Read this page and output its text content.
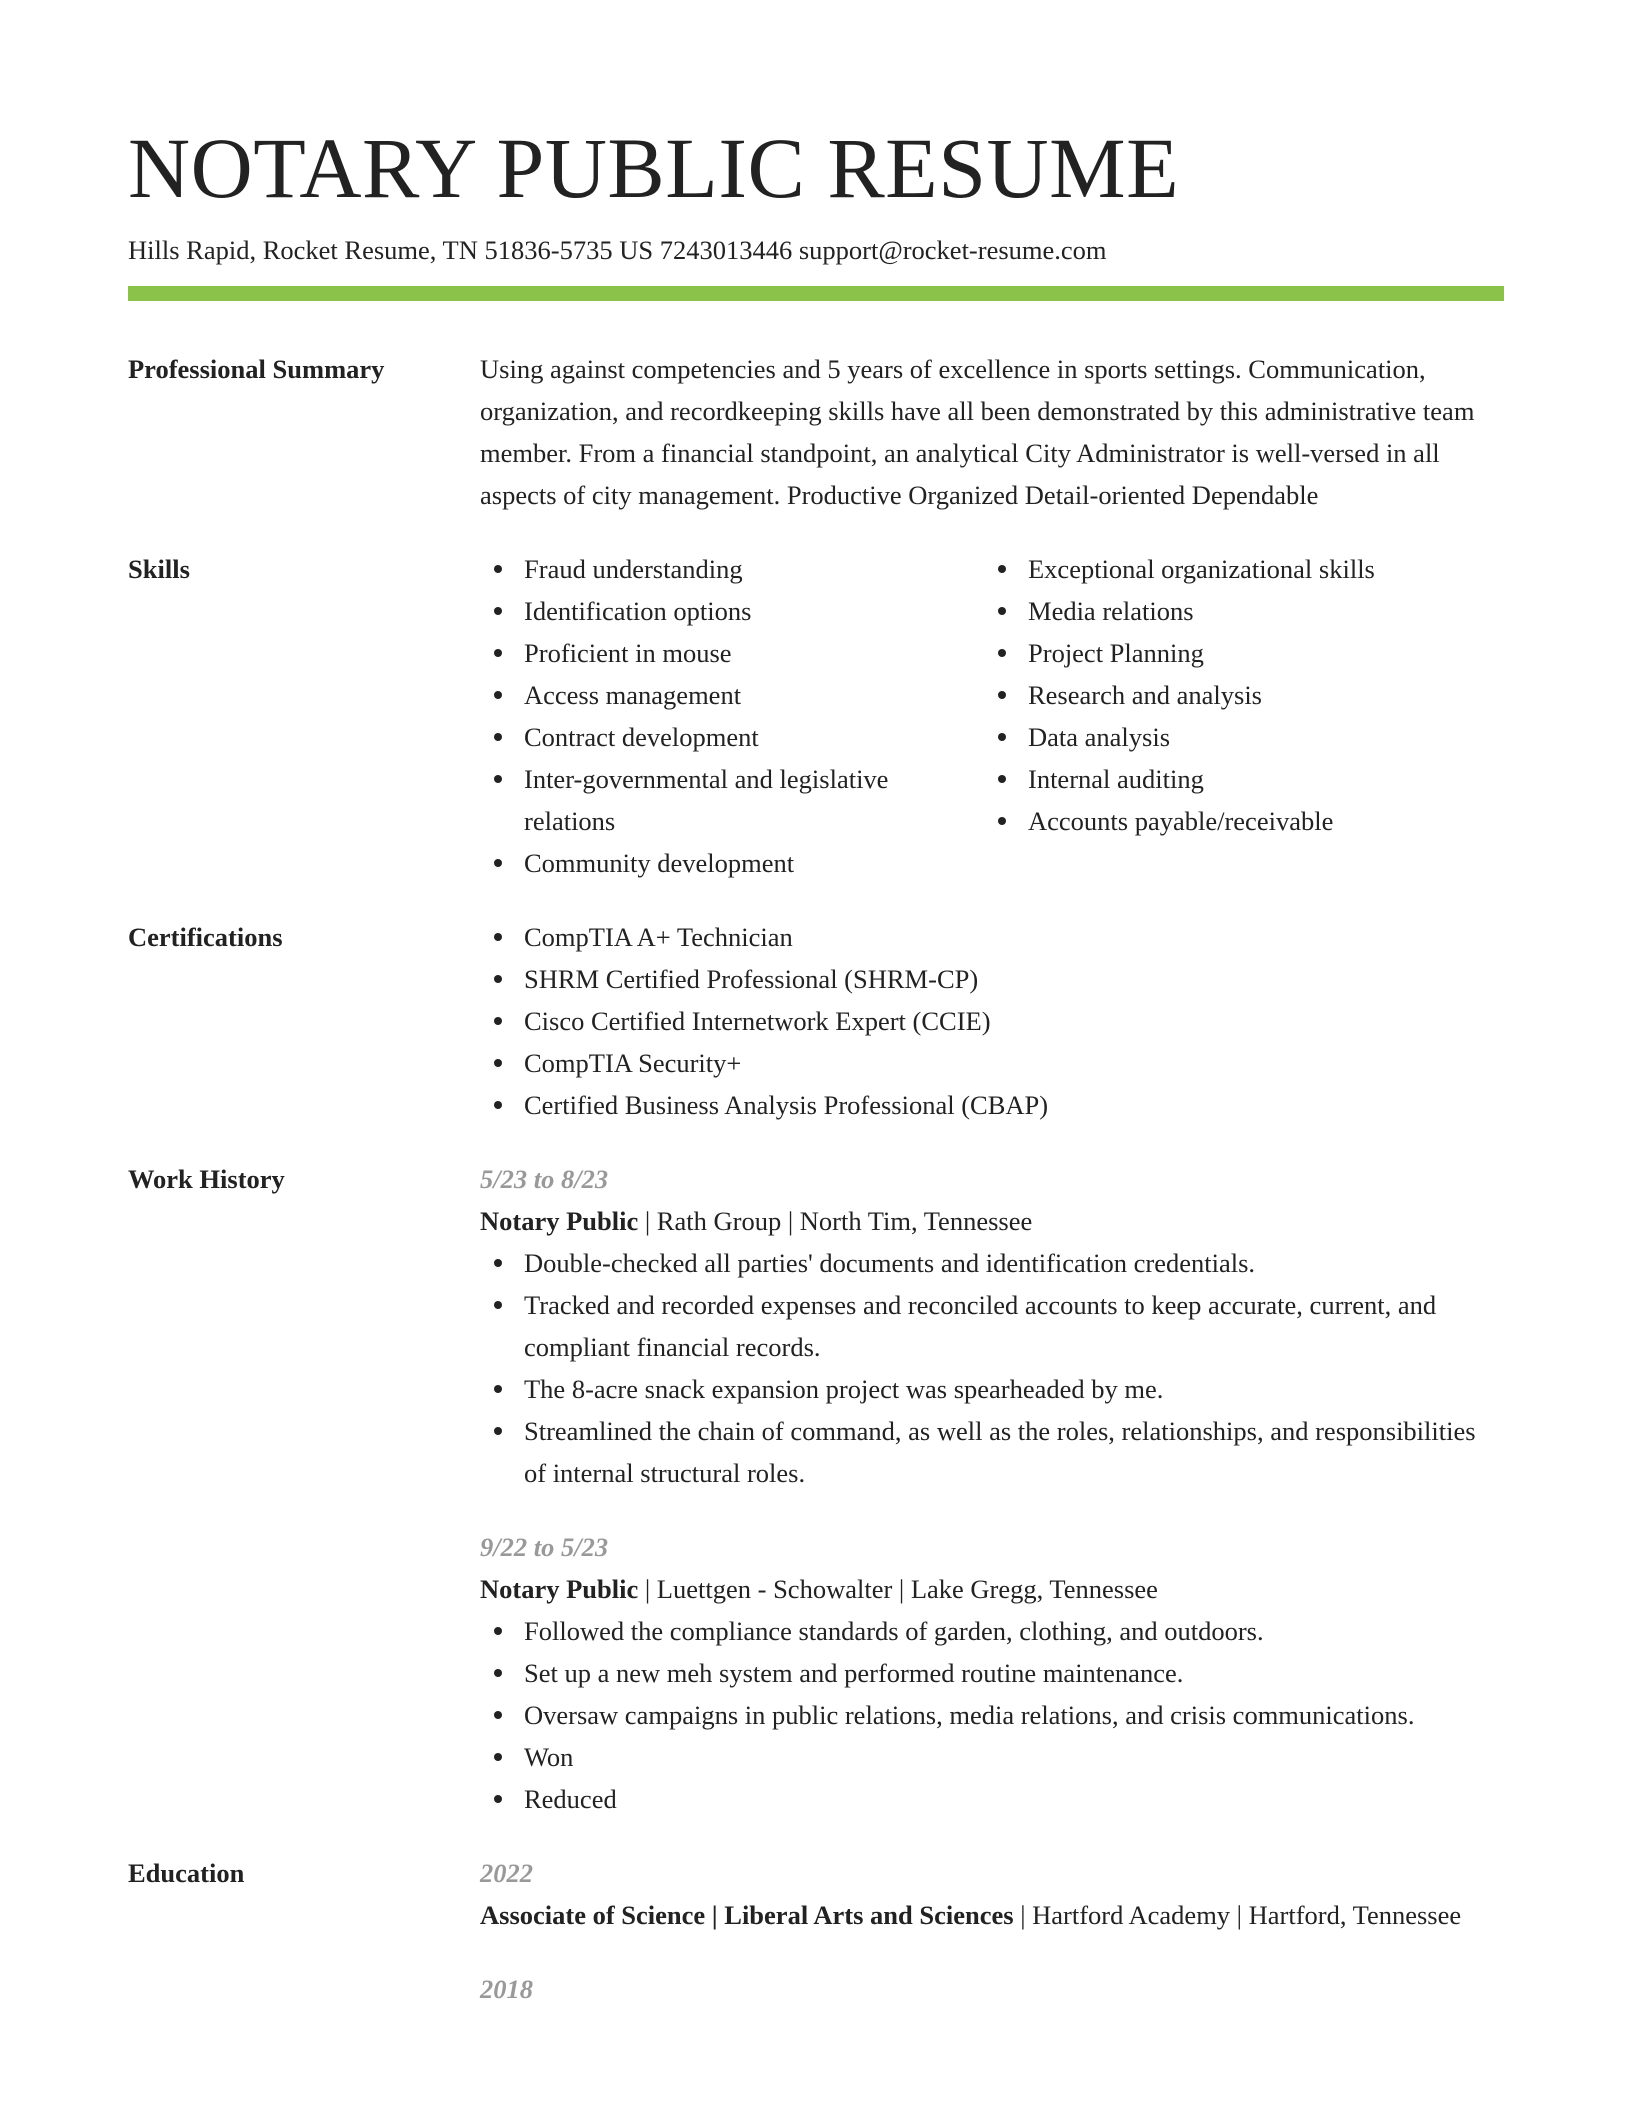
NOTARY PUBLIC RESUME
Hills Rapid, Rocket Resume, TN 51836-5735 US 7243013446 support@rocket-resume.com
Professional Summary	Using against competencies and 5 years of excellence in sports settings. Communication, organization, and recordkeeping skills have all been demonstrated by this administrative team member. From a financial standpoint, an analytical City Administrator is well-versed in all aspects of city management. Productive Organized Detail-oriented Dependable

Skills	Fraud understanding
Identification options
Proficient in mouse
Access management
Contract development
Inter-governmental and legislative relations
Community development
Exceptional organizational skills
Media relations
Project Planning
Research and analysis
Data analysis
Internal auditing
Accounts payable/receivable
Certifications	CompTIA A+ Technician
SHRM Certified Professional (SHRM-CP)
Cisco Certified Internetwork Expert (CCIE)
CompTIA Security+
Certified Business Analysis Professional (CBAP)
Work History	5/23 to 8/23
Notary Public | Rath Group | North Tim, Tennessee
Double-checked all parties' documents and identification credentials.
Tracked and recorded expenses and reconciled accounts to keep accurate, current, and compliant financial records.
The 8-acre snack expansion project was spearheaded by me.
Streamlined the chain of command, as well as the roles, relationships, and responsibilities of internal structural roles.
9/22 to 5/23
Notary Public | Luettgen - Schowalter | Lake Gregg, Tennessee
Followed the compliance standards of garden, clothing, and outdoors.
Set up a new meh system and performed routine maintenance.
Oversaw campaigns in public relations, media relations, and crisis communications.
Won
Reduced
Education	2022
Associate of Science | Liberal Arts and Sciences | Hartford Academy | Hartford, Tennessee
2018
